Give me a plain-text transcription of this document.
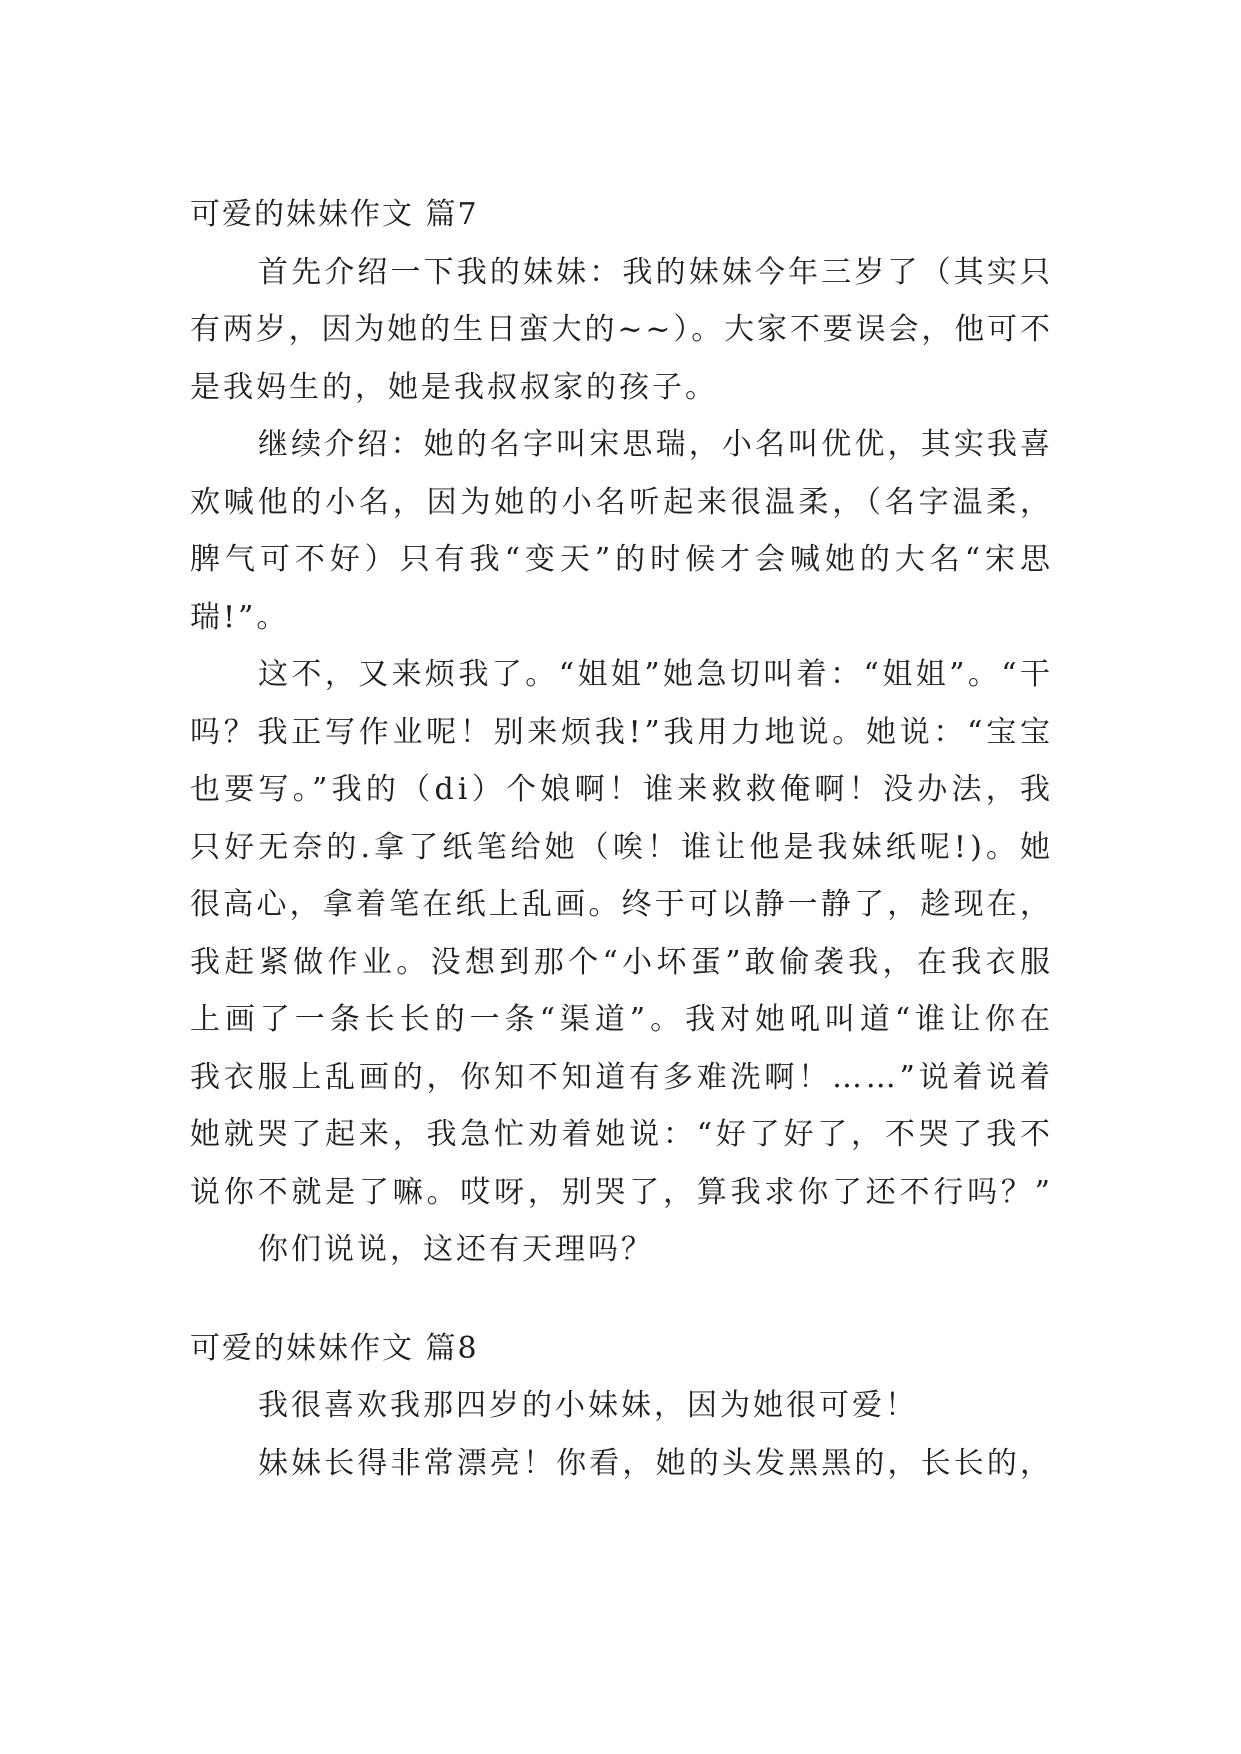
可爱的妹妹作文 篇7
首先介绍一下我的妹妹：我的妹妹今年三岁了（其实只
有两岁，因为她的生日蛮大的~~）。大家不要误会，他可不
是我妈生的，她是我叔叔家的孩子。
继续介绍：她的名字叫宋思瑞，小名叫优优，其实我喜
欢喊他的小名，因为她的小名听起来很温柔，（名字温柔，
脾气可不好）只有我“变天”的时候才会喊她的大名“宋思
瑞!”。
这不，又来烦我了。“姐姐”她急切叫着：“姐姐”。“干
吗？我正写作业呢！别来烦我!”我用力地说。她说：“宝宝
也要写。”我的（di）个娘啊！谁来救救俺啊！没办法，我
只好无奈的.拿了纸笔给她（唉！谁让他是我妹纸呢!)。她
很高心，拿着笔在纸上乱画。终于可以静一静了，趁现在，
我赶紧做作业。没想到那个“小坏蛋”敢偷袭我，在我衣服
上画了一条长长的一条“渠道”。我对她吼叫道“谁让你在
我衣服上乱画的，你知不知道有多难洗啊！……”说着说着
她就哭了起来，我急忙劝着她说：“好了好了，不哭了我不
说你不就是了嘛。哎呀，别哭了，算我求你了还不行吗？”
你们说说，这还有天理吗？
可爱的妹妹作文 篇8
我很喜欢我那四岁的小妹妹，因为她很可爱！
妹妹长得非常漂亮！你看，她的头发黑黑的，长长的，
